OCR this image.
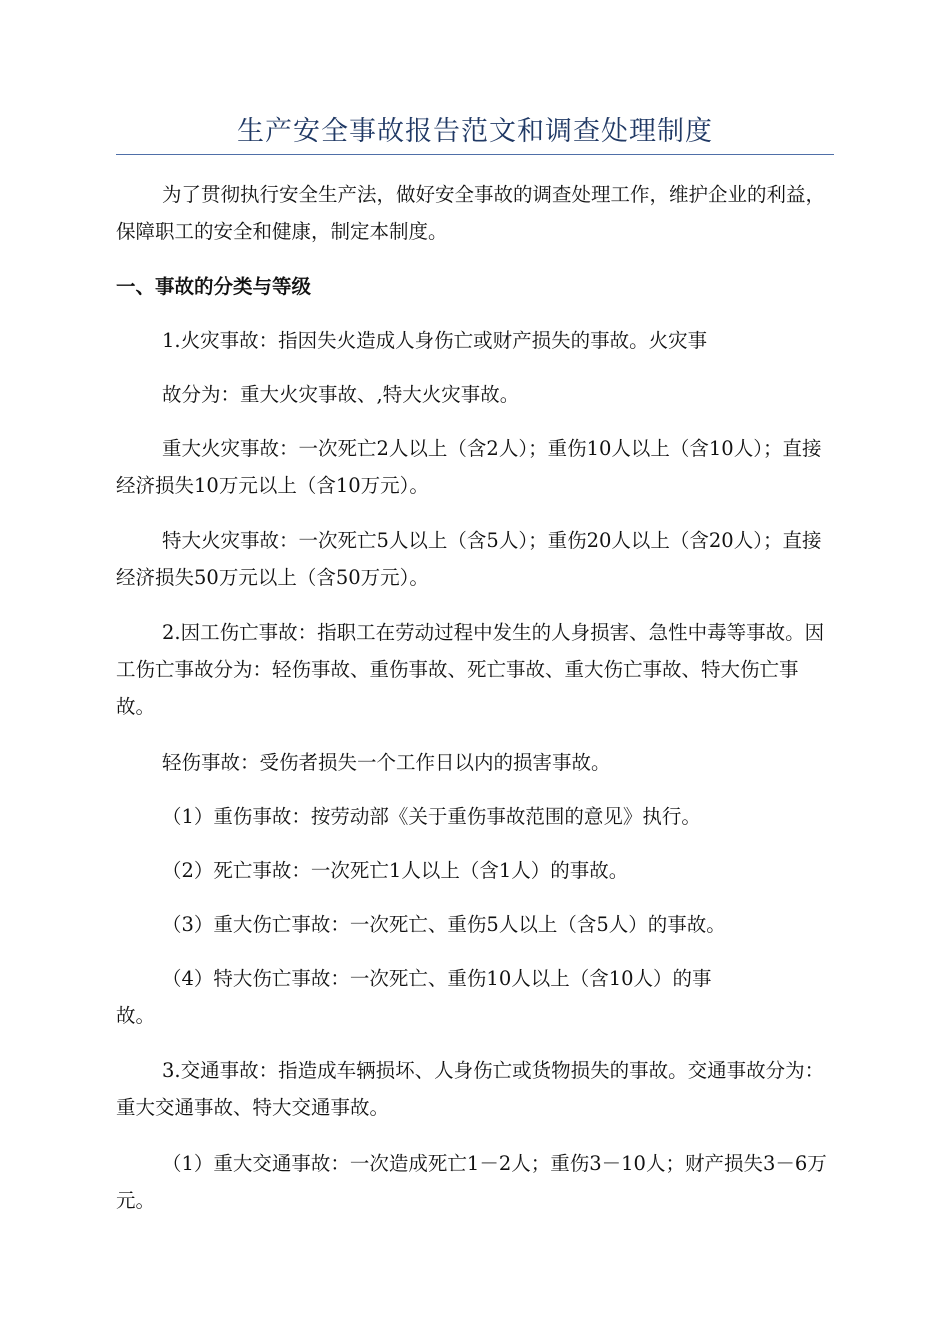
生产安全事故报告范文和调查处理制度

为了贯彻执行安全生产法，做好安全事故的调查处理工作，维护企业的利益，保障职工的安全和健康，制定本制度。

一、事故的分类与等级

1.火灾事故：指因失火造成人身伤亡或财产损失的事故。火灾事

故分为：重大火灾事故、,特大火灾事故。

重大火灾事故：一次死亡2人以上（含2人）；重伤10人以上（含10人）；直接经济损失10万元以上（含10万元）。

特大火灾事故：一次死亡5人以上（含5人）；重伤20人以上（含20人）；直接经济损失50万元以上（含50万元）。

2.因工伤亡事故：指职工在劳动过程中发生的人身损害、急性中毒等事故。因工伤亡事故分为：轻伤事故、重伤事故、死亡事故、重大伤亡事故、特大伤亡事故。

轻伤事故：受伤者损失一个工作日以内的损害事故。

（1）重伤事故：按劳动部《关于重伤事故范围的意见》执行。

（2）死亡事故：一次死亡1人以上（含1人）的事故。

（3）重大伤亡事故：一次死亡、重伤5人以上（含5人）的事故。

（4）特大伤亡事故：一次死亡、重伤10人以上（含10人）的事

故。

3.交通事故：指造成车辆损坏、人身伤亡或货物损失的事故。交通事故分为：重大交通事故、特大交通事故。

（1）重大交通事故：一次造成死亡1－2人；重伤3－10人；财产损失3－6万元。
